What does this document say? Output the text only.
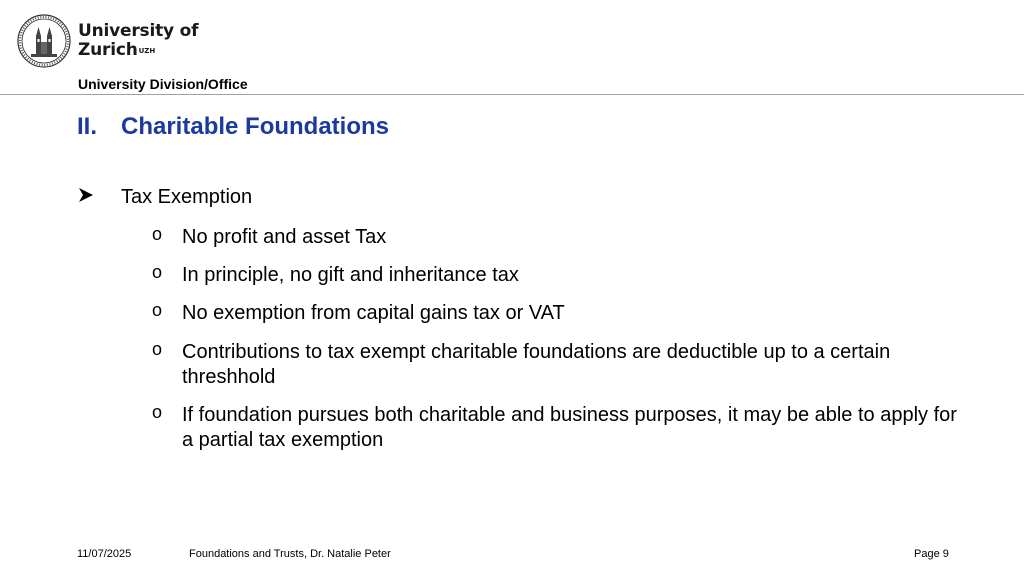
University of
Zurich$^{UZH}$
University Division/Office
II. Charitable Foundations
Tax Exemption
o No profit and asset Tax
o In principle, no gift and inheritance tax
o No exemption from capital gains tax or VAT
o Contributions to tax exempt charitable foundations are deductible up to a certain threshhold
o If foundation pursues both charitable and business purposes, it may be able to apply for a partial tax exemption
11/07/2025	Foundations and Trusts, Dr. Natalie Peter	Page 9
